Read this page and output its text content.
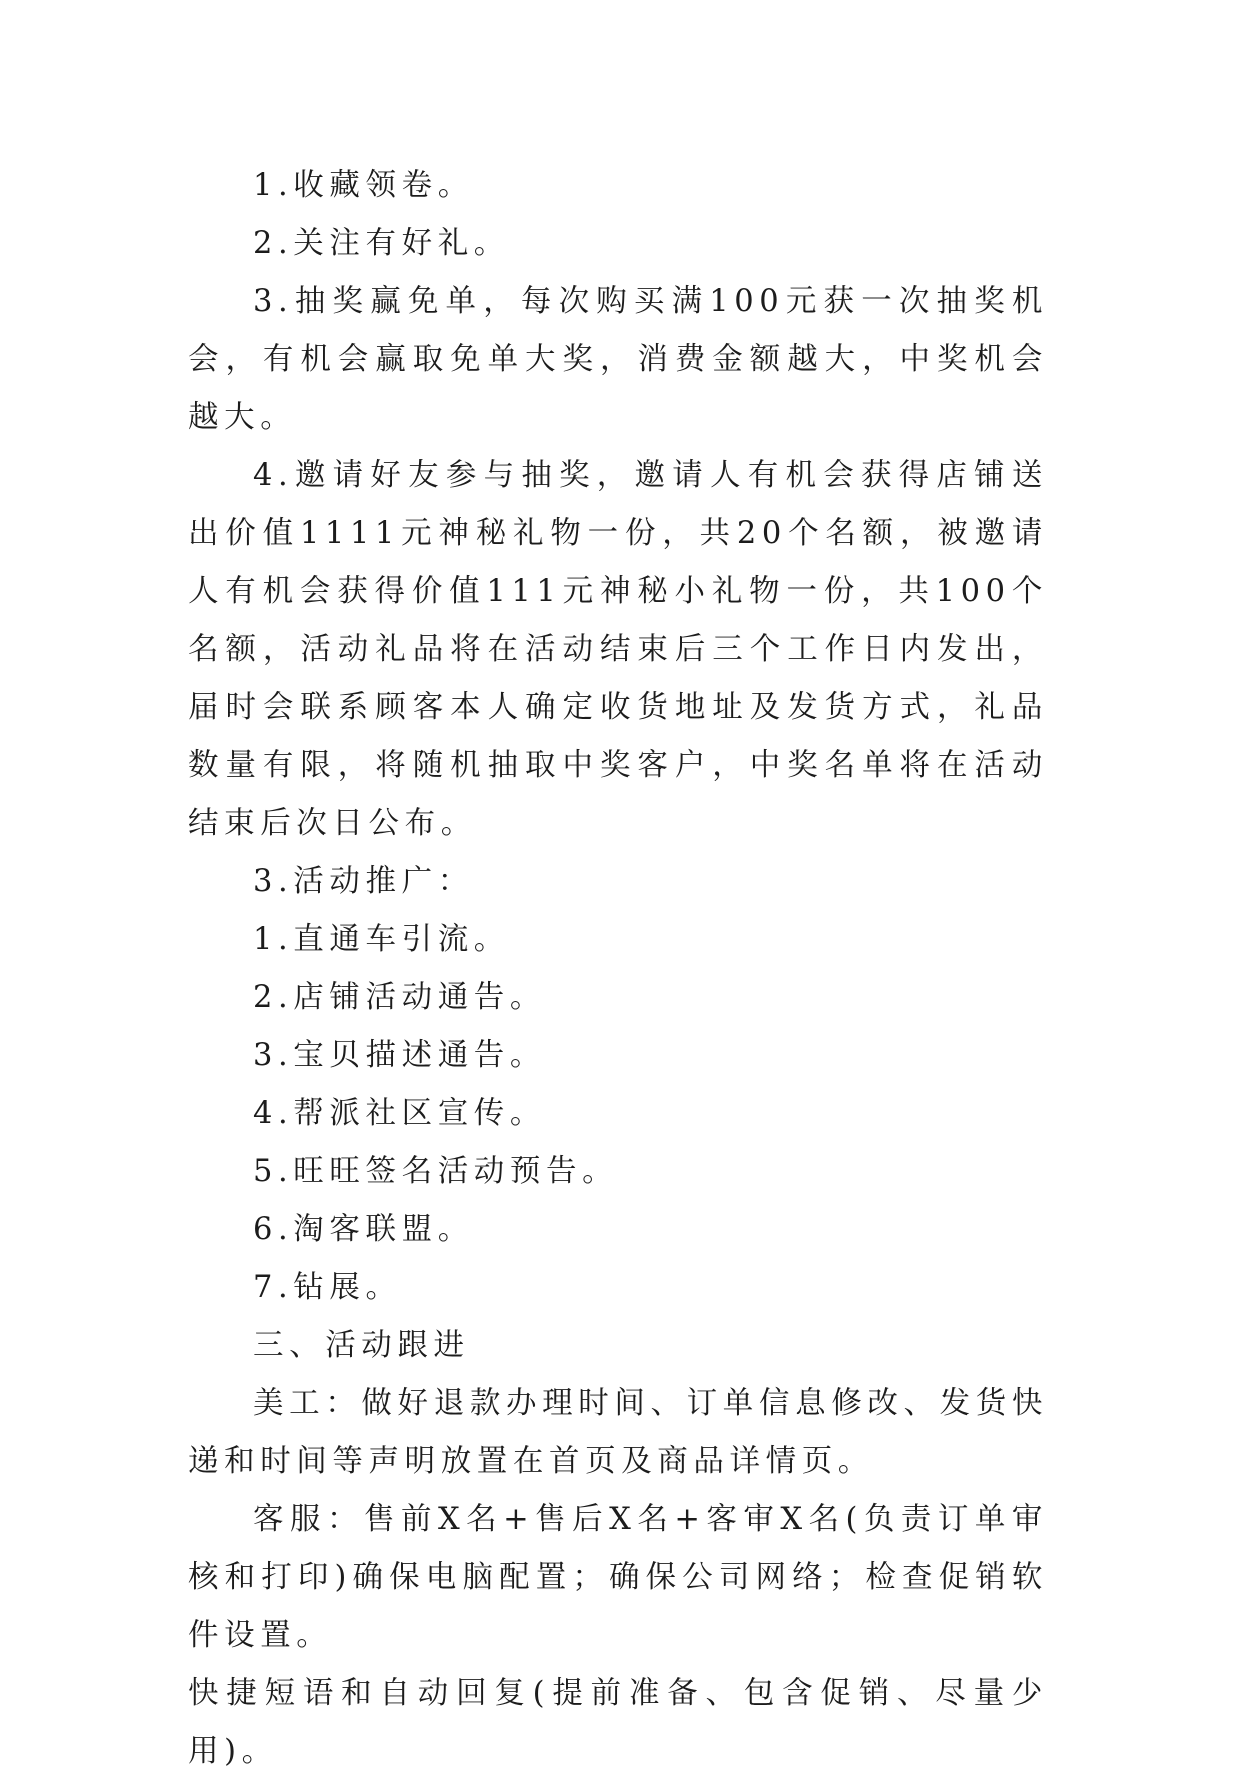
1.收藏领卷。

2.关注有好礼。

3.抽奖赢免单，每次购买满100元获一次抽奖机会，有机会赢取免单大奖，消费金额越大，中奖机会越大。

4.邀请好友参与抽奖，邀请人有机会获得店铺送出价值1111元神秘礼物一份，共20个名额，被邀请人有机会获得价值111元神秘小礼物一份，共100个名额，活动礼品将在活动结束后三个工作日内发出，届时会联系顾客本人确定收货地址及发货方式，礼品数量有限，将随机抽取中奖客户，中奖名单将在活动结束后次日公布。

3.活动推广：

1.直通车引流。

2.店铺活动通告。

3.宝贝描述通告。

4.帮派社区宣传。

5.旺旺签名活动预告。

6.淘客联盟。

7.钻展。

三、活动跟进

美工：做好退款办理时间、订单信息修改、发货快递和时间等声明放置在首页及商品详情页。

客服：售前X名+售后X名+客审X名(负责订单审核和打印)确保电脑配置；确保公司网络；检查促销软件设置。

快捷短语和自动回复(提前准备、包含促销、尽量少用)。
